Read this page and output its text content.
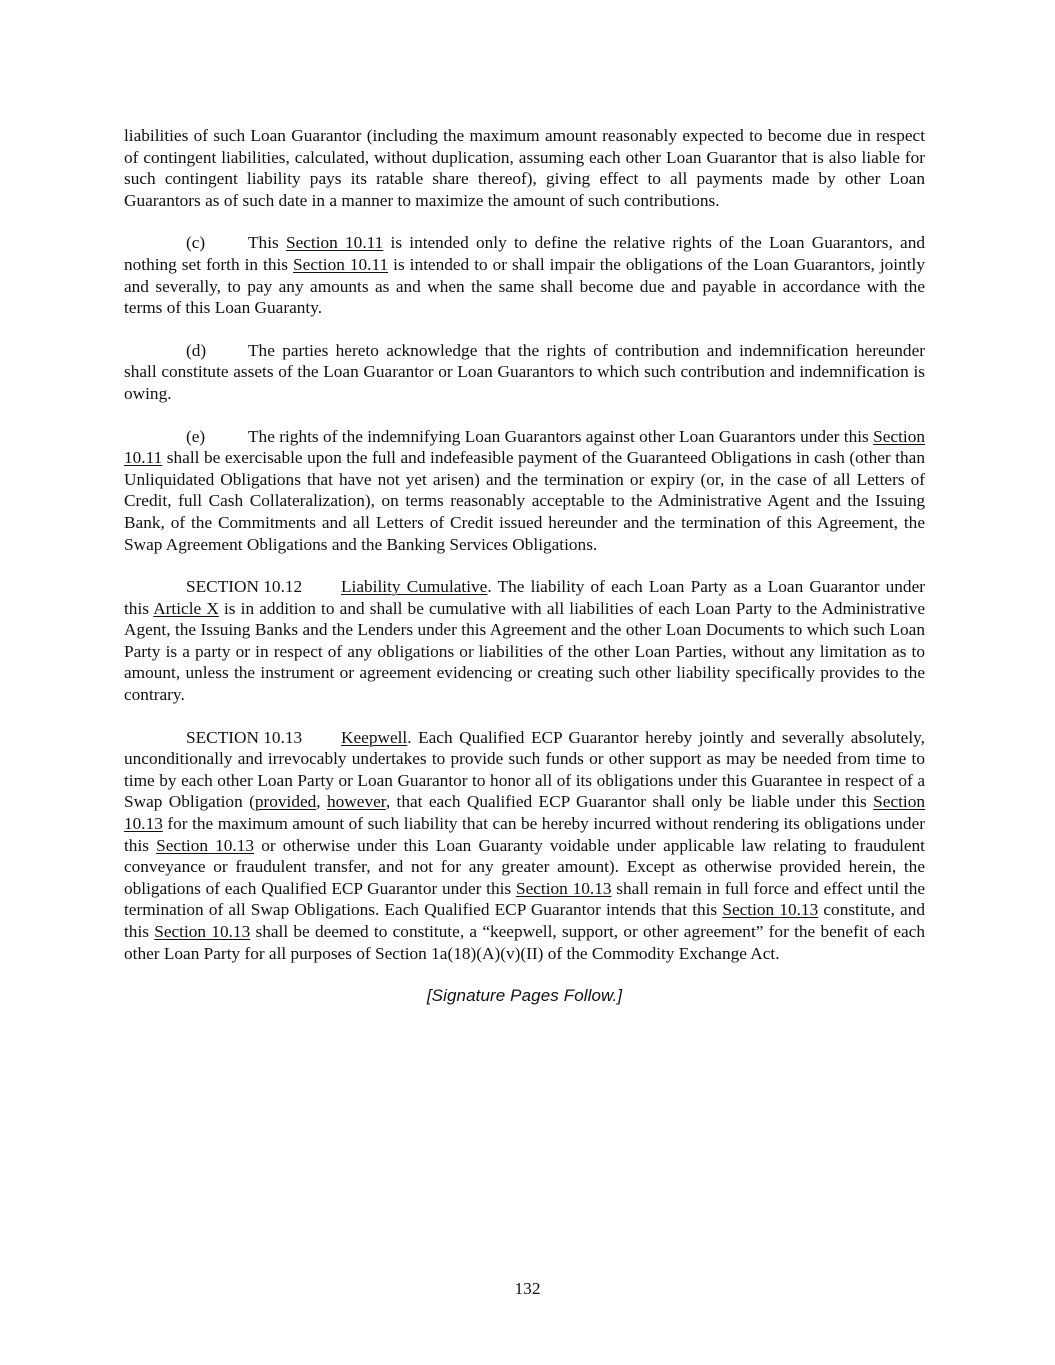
liabilities of such Loan Guarantor (including the maximum amount reasonably expected to become due in respect of contingent liabilities, calculated, without duplication, assuming each other Loan Guarantor that is also liable for such contingent liability pays its ratable share thereof), giving effect to all payments made by other Loan Guarantors as of such date in a manner to maximize the amount of such contributions.

(c) This Section 10.11 is intended only to define the relative rights of the Loan Guarantors, and nothing set forth in this Section 10.11 is intended to or shall impair the obligations of the Loan Guarantors, jointly and severally, to pay any amounts as and when the same shall become due and payable in accordance with the terms of this Loan Guaranty.

(d) The parties hereto acknowledge that the rights of contribution and indemnification hereunder shall constitute assets of the Loan Guarantor or Loan Guarantors to which such contribution and indemnification is owing.

(e) The rights of the indemnifying Loan Guarantors against other Loan Guarantors under this Section 10.11 shall be exercisable upon the full and indefeasible payment of the Guaranteed Obligations in cash (other than Unliquidated Obligations that have not yet arisen) and the termination or expiry (or, in the case of all Letters of Credit, full Cash Collateralization), on terms reasonably acceptable to the Administrative Agent and the Issuing Bank, of the Commitments and all Letters of Credit issued hereunder and the termination of this Agreement, the Swap Agreement Obligations and the Banking Services Obligations.

SECTION 10.12 Liability Cumulative. The liability of each Loan Party as a Loan Guarantor under this Article X is in addition to and shall be cumulative with all liabilities of each Loan Party to the Administrative Agent, the Issuing Banks and the Lenders under this Agreement and the other Loan Documents to which such Loan Party is a party or in respect of any obligations or liabilities of the other Loan Parties, without any limitation as to amount, unless the instrument or agreement evidencing or creating such other liability specifically provides to the contrary.

SECTION 10.13 Keepwell. Each Qualified ECP Guarantor hereby jointly and severally absolutely, unconditionally and irrevocably undertakes to provide such funds or other support as may be needed from time to time by each other Loan Party or Loan Guarantor to honor all of its obligations under this Guarantee in respect of a Swap Obligation (provided, however, that each Qualified ECP Guarantor shall only be liable under this Section 10.13 for the maximum amount of such liability that can be hereby incurred without rendering its obligations under this Section 10.13 or otherwise under this Loan Guaranty voidable under applicable law relating to fraudulent conveyance or fraudulent transfer, and not for any greater amount). Except as otherwise provided herein, the obligations of each Qualified ECP Guarantor under this Section 10.13 shall remain in full force and effect until the termination of all Swap Obligations. Each Qualified ECP Guarantor intends that this Section 10.13 constitute, and this Section 10.13 shall be deemed to constitute, a “keepwell, support, or other agreement” for the benefit of each other Loan Party for all purposes of Section 1a(18)(A)(v)(II) of the Commodity Exchange Act.

[Signature Pages Follow.]
132
